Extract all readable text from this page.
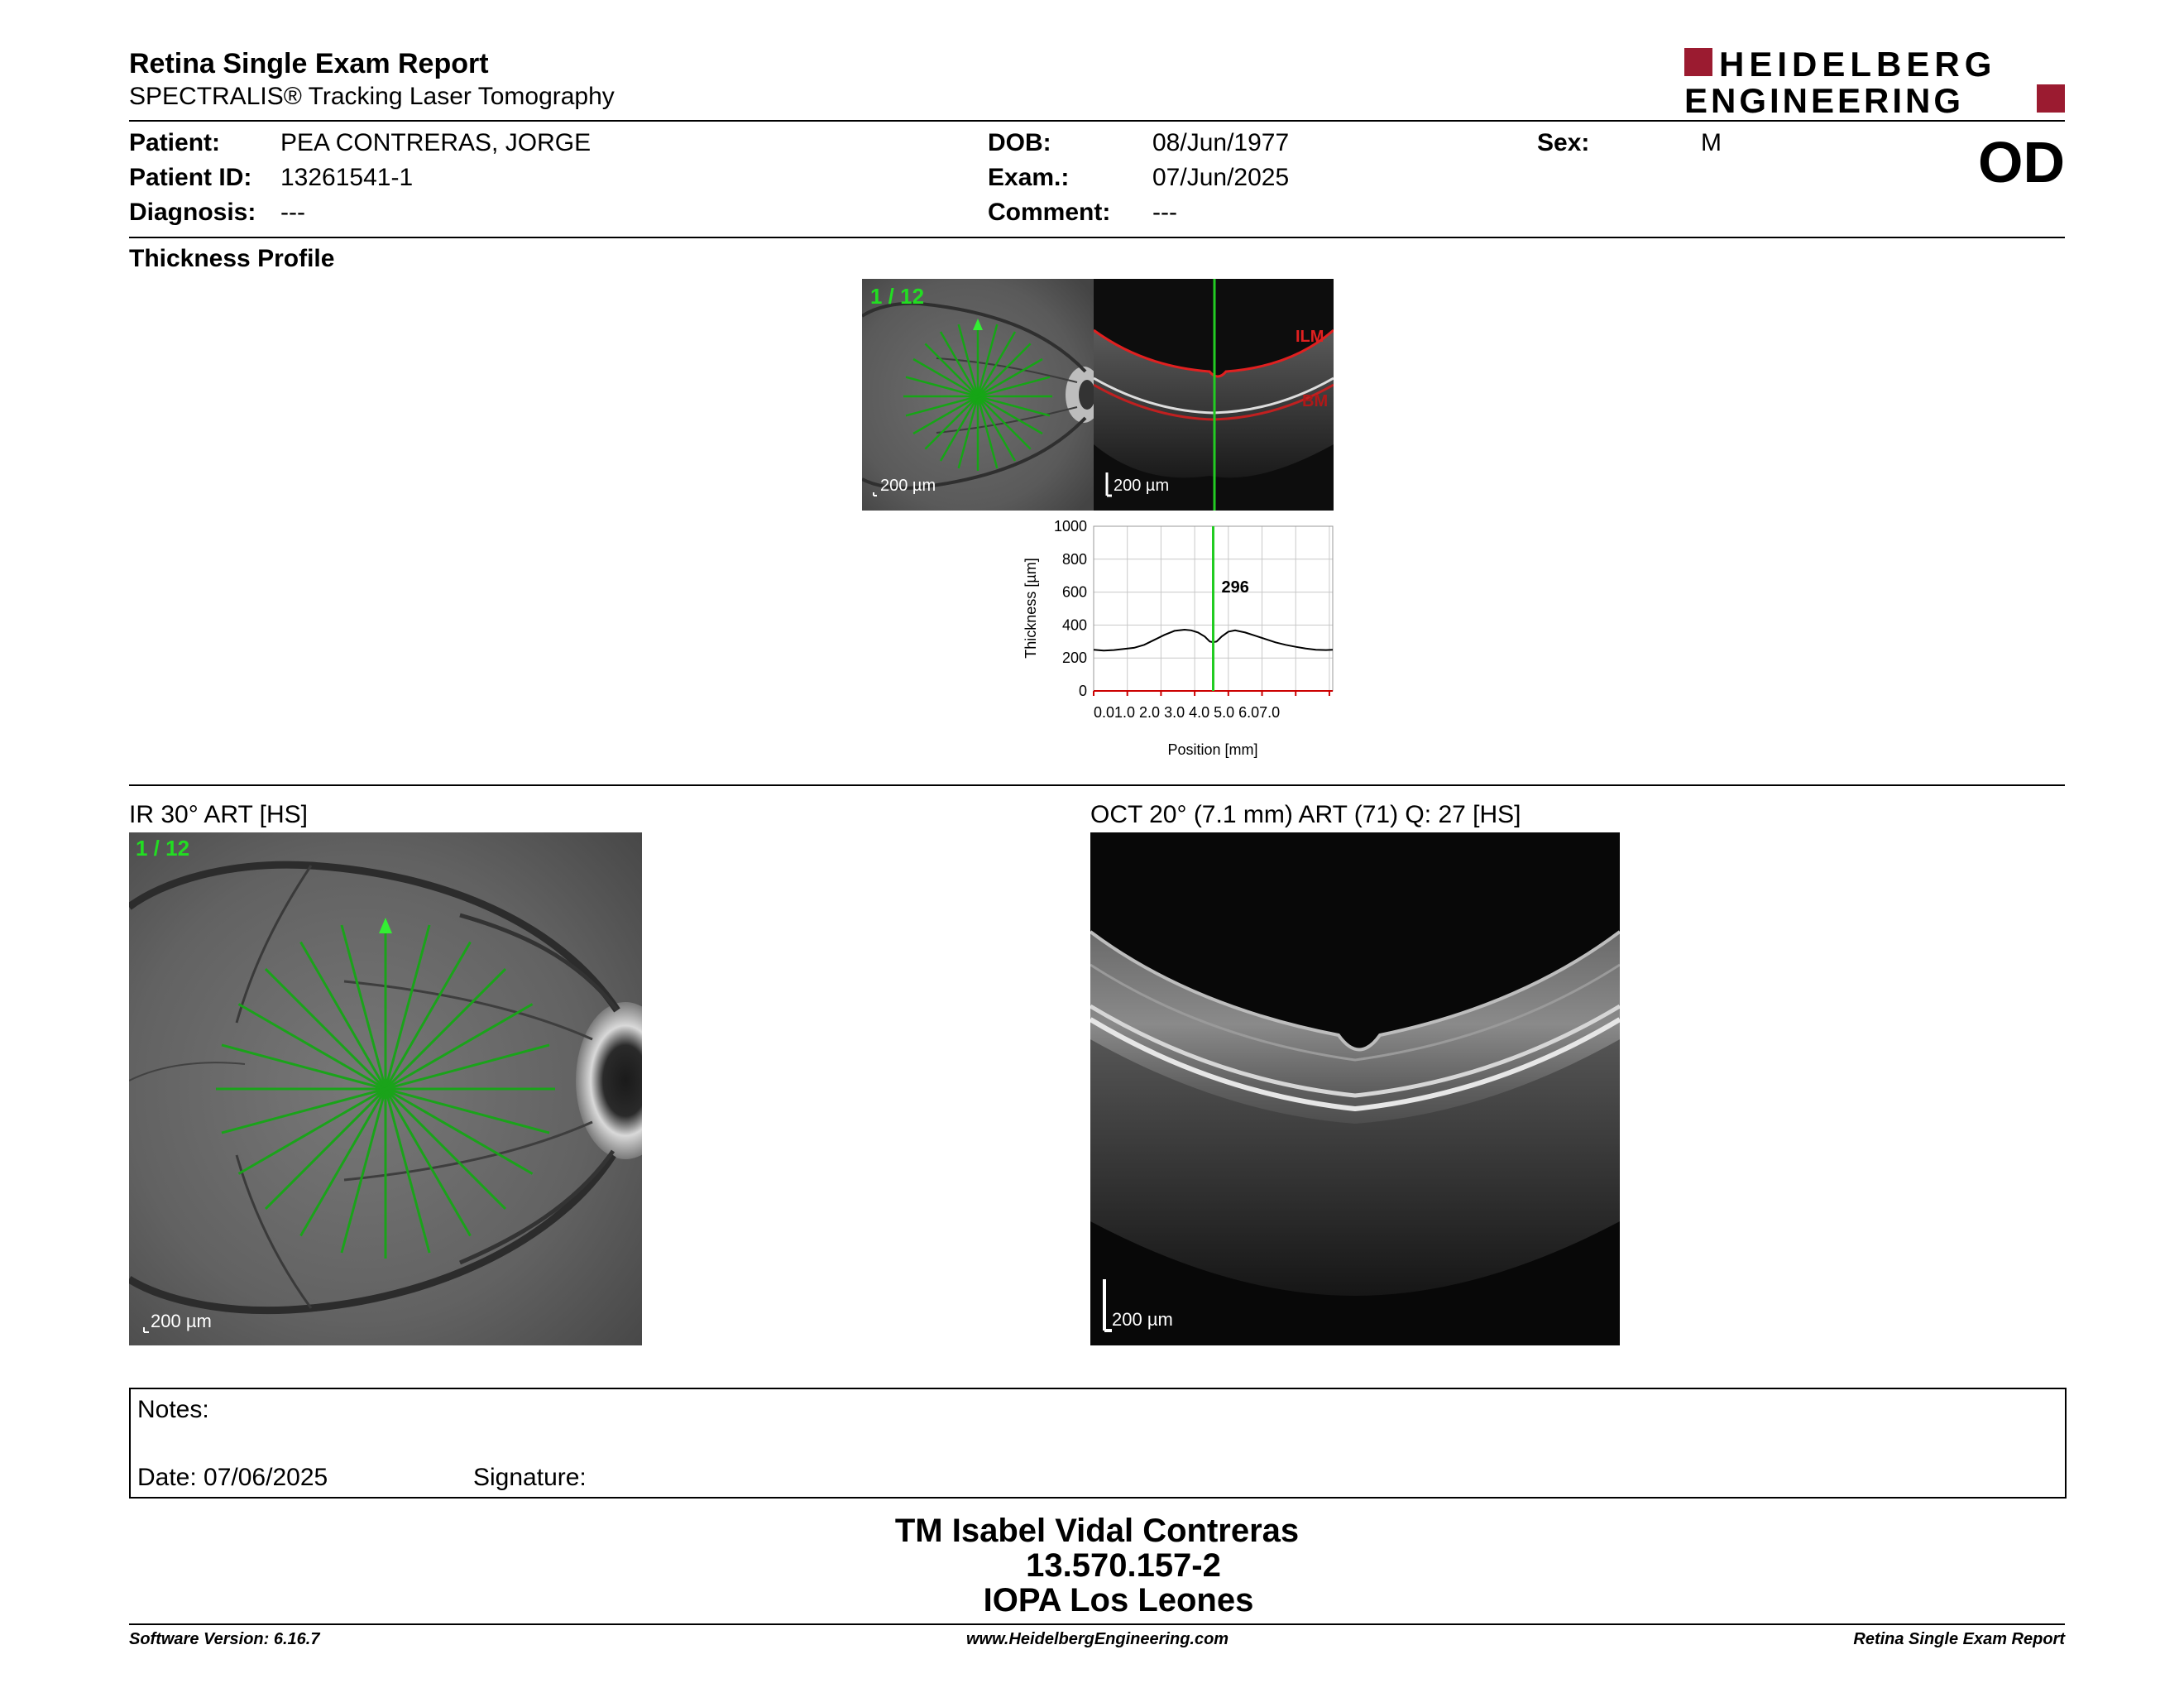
Retina Single Exam Report
SPECTRALIS® Tracking Laser Tomography
HEIDELBERG
ENGINEERING
Patient: PEA CONTRERAS, JORGE
Patient ID: 13261541-1
Diagnosis: ---
DOB:	08/Jun/1977
Exam.:	07/Jun/2025
Comment: ---
Sex:	M	OD
Thickness Profile
1 / 12
200 µm
ILM
BM
200 µm
0
200
400
600
800
1000
296
0.01.0 2.0 3.0 4.0 5.0 6.07.0
Position [mm]
Thickness [µm]
IR 30° ART [HS]	OCT 20° (7.1 mm) ART (71) Q: 27 [HS]
1 / 12
200 µm	200 µm
Notes:
Date: 07/06/2025	Signature:
TM Isabel Vidal Contreras
13.570.157-2
IOPA Los Leones
Software Version: 6.16.7	www.HeidelbergEngineering.com	Retina Single Exam Report
